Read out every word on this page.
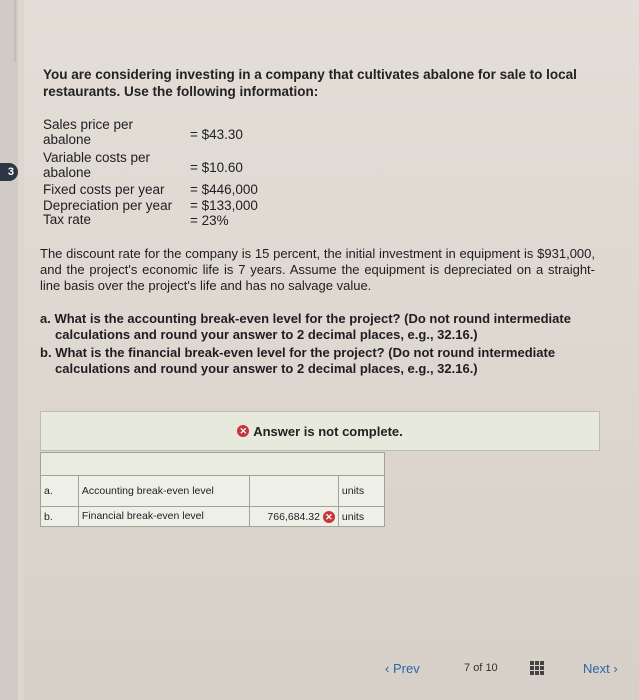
3
You are considering investing in a company that cultivates abalone for sale to local restaurants. Use the following information:
Sales price per
abalone	= $43.30
Variable costs per
abalone	= $10.60
Fixed costs per year = $446,000
Depreciation per year = $133,000
Tax rate	= 23%
The discount rate for the company is 15 percent, the initial investment in equipment is $931,000, and the project's economic life is 7 years. Assume the equipment is depreciated on a straight-line basis over the project's life and has no salvage value.
a. What is the accounting break-even level for the project? (Do not round intermediate calculations and round your answer to 2 decimal places, e.g., 32.16.)
b. What is the financial break-even level for the project? (Do not round intermediate calculations and round your answer to 2 decimal places, e.g., 32.16.)
✕ Answer is not complete.

a.	Accounting break-even level		units
b.	Financial break-even level	766,684.32 ✕	units
‹ Prev	7 of 10	Next ›
